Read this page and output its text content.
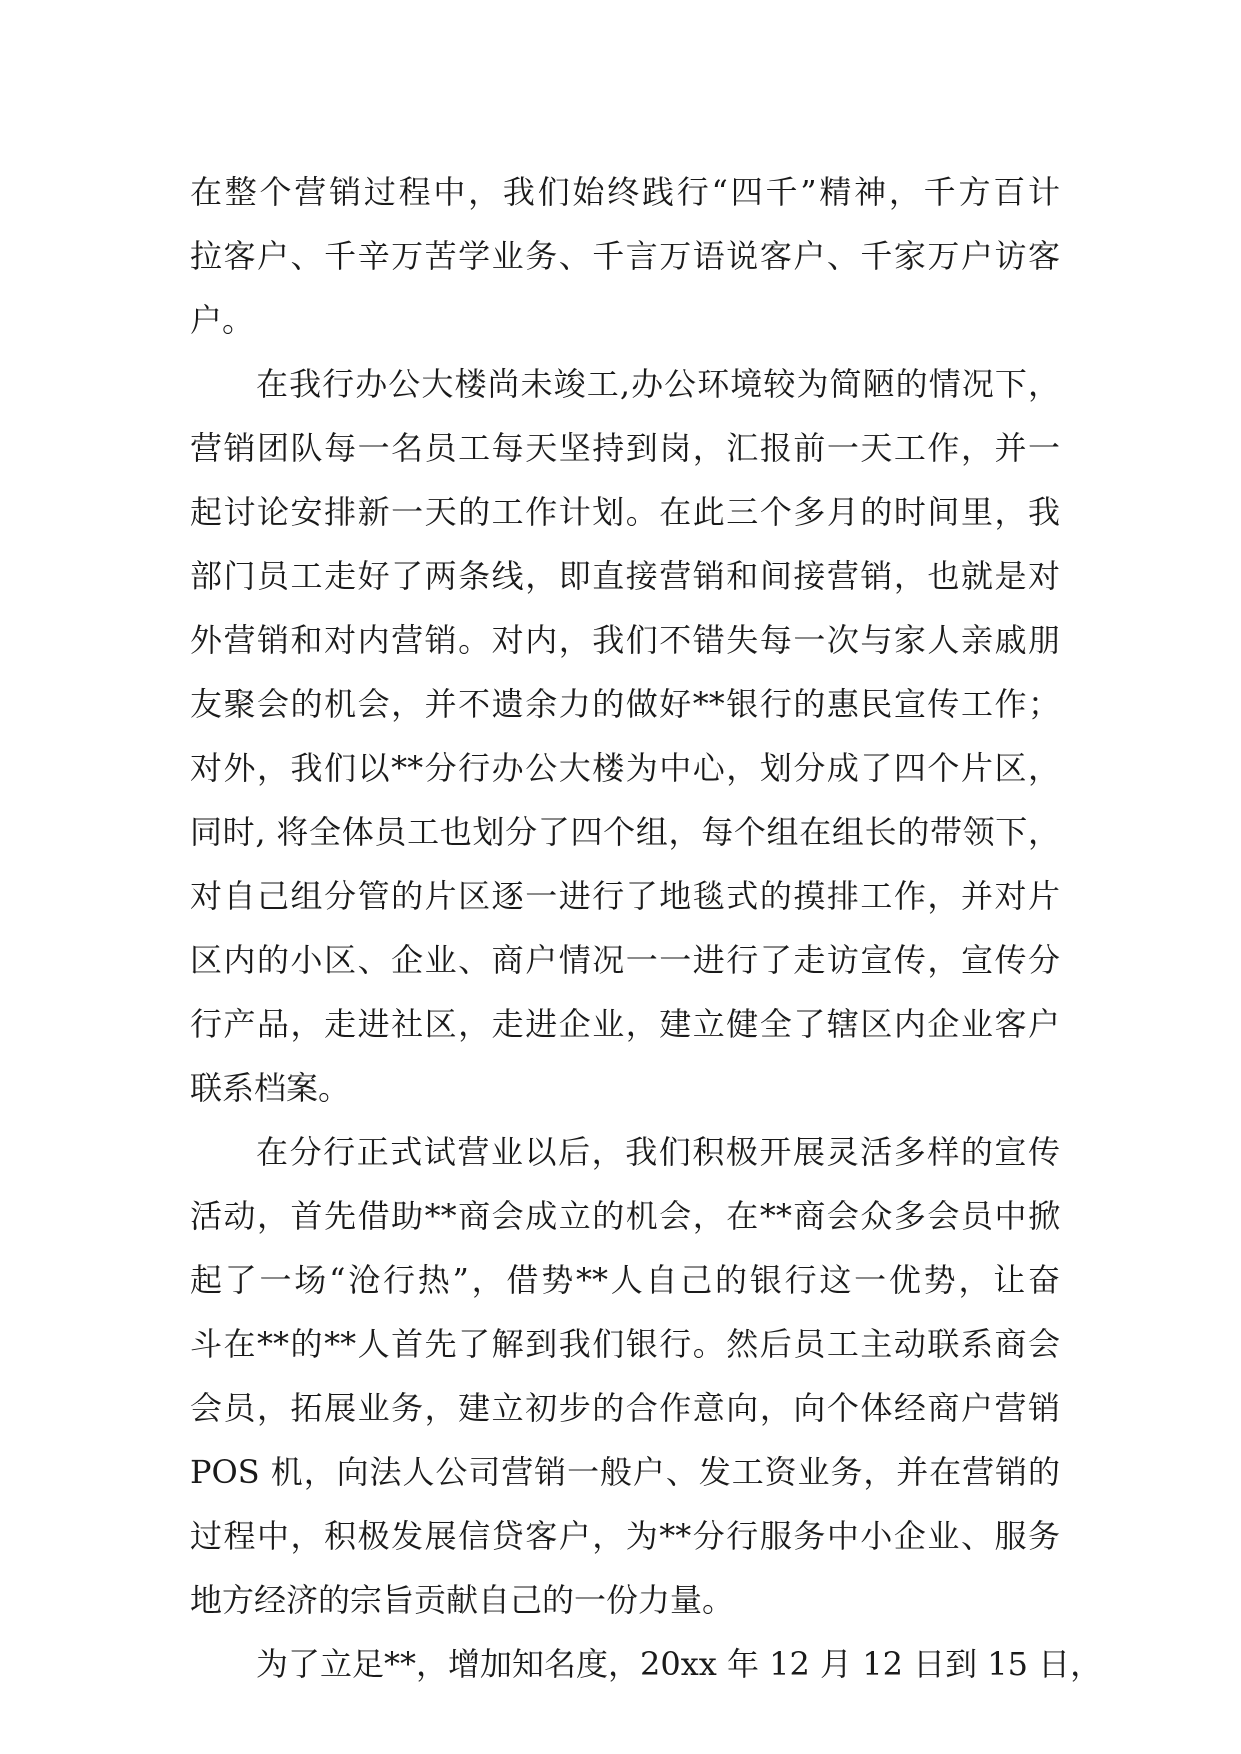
在整个营销过程中，我们始终践行“四千”精神，千方百计
拉客户、千辛万苦学业务、千言万语说客户、千家万户访客
户。
在我行办公大楼尚未竣工,办公环境较为简陋的情况下，
营销团队每一名员工每天坚持到岗，汇报前一天工作，并一
起讨论安排新一天的工作计划。在此三个多月的时间里，我
部门员工走好了两条线，即直接营销和间接营销，也就是对
外营销和对内营销。对内，我们不错失每一次与家人亲戚朋
友聚会的机会，并不遗余力的做好**银行的惠民宣传工作；
对外，我们以**分行办公大楼为中心，划分成了四个片区，
同时, 将全体员工也划分了四个组，每个组在组长的带领下，
对自己组分管的片区逐一进行了地毯式的摸排工作，并对片
区内的小区、企业、商户情况一一进行了走访宣传，宣传分
行产品，走进社区，走进企业，建立健全了辖区内企业客户
联系档案。
在分行正式试营业以后，我们积极开展灵活多样的宣传
活动，首先借助**商会成立的机会，在**商会众多会员中掀
起了一场“沧行热”，借势**人自己的银行这一优势，让奋
斗在**的**人首先了解到我们银行。然后员工主动联系商会
会员，拓展业务，建立初步的合作意向，向个体经商户营销
POS 机，向法人公司营销一般户、发工资业务，并在营销的
过程中，积极发展信贷客户，为**分行服务中小企业、服务
地方经济的宗旨贡献自己的一份力量。
为了立足**，增加知名度，20xx 年 12 月 12 日到 15 日，
